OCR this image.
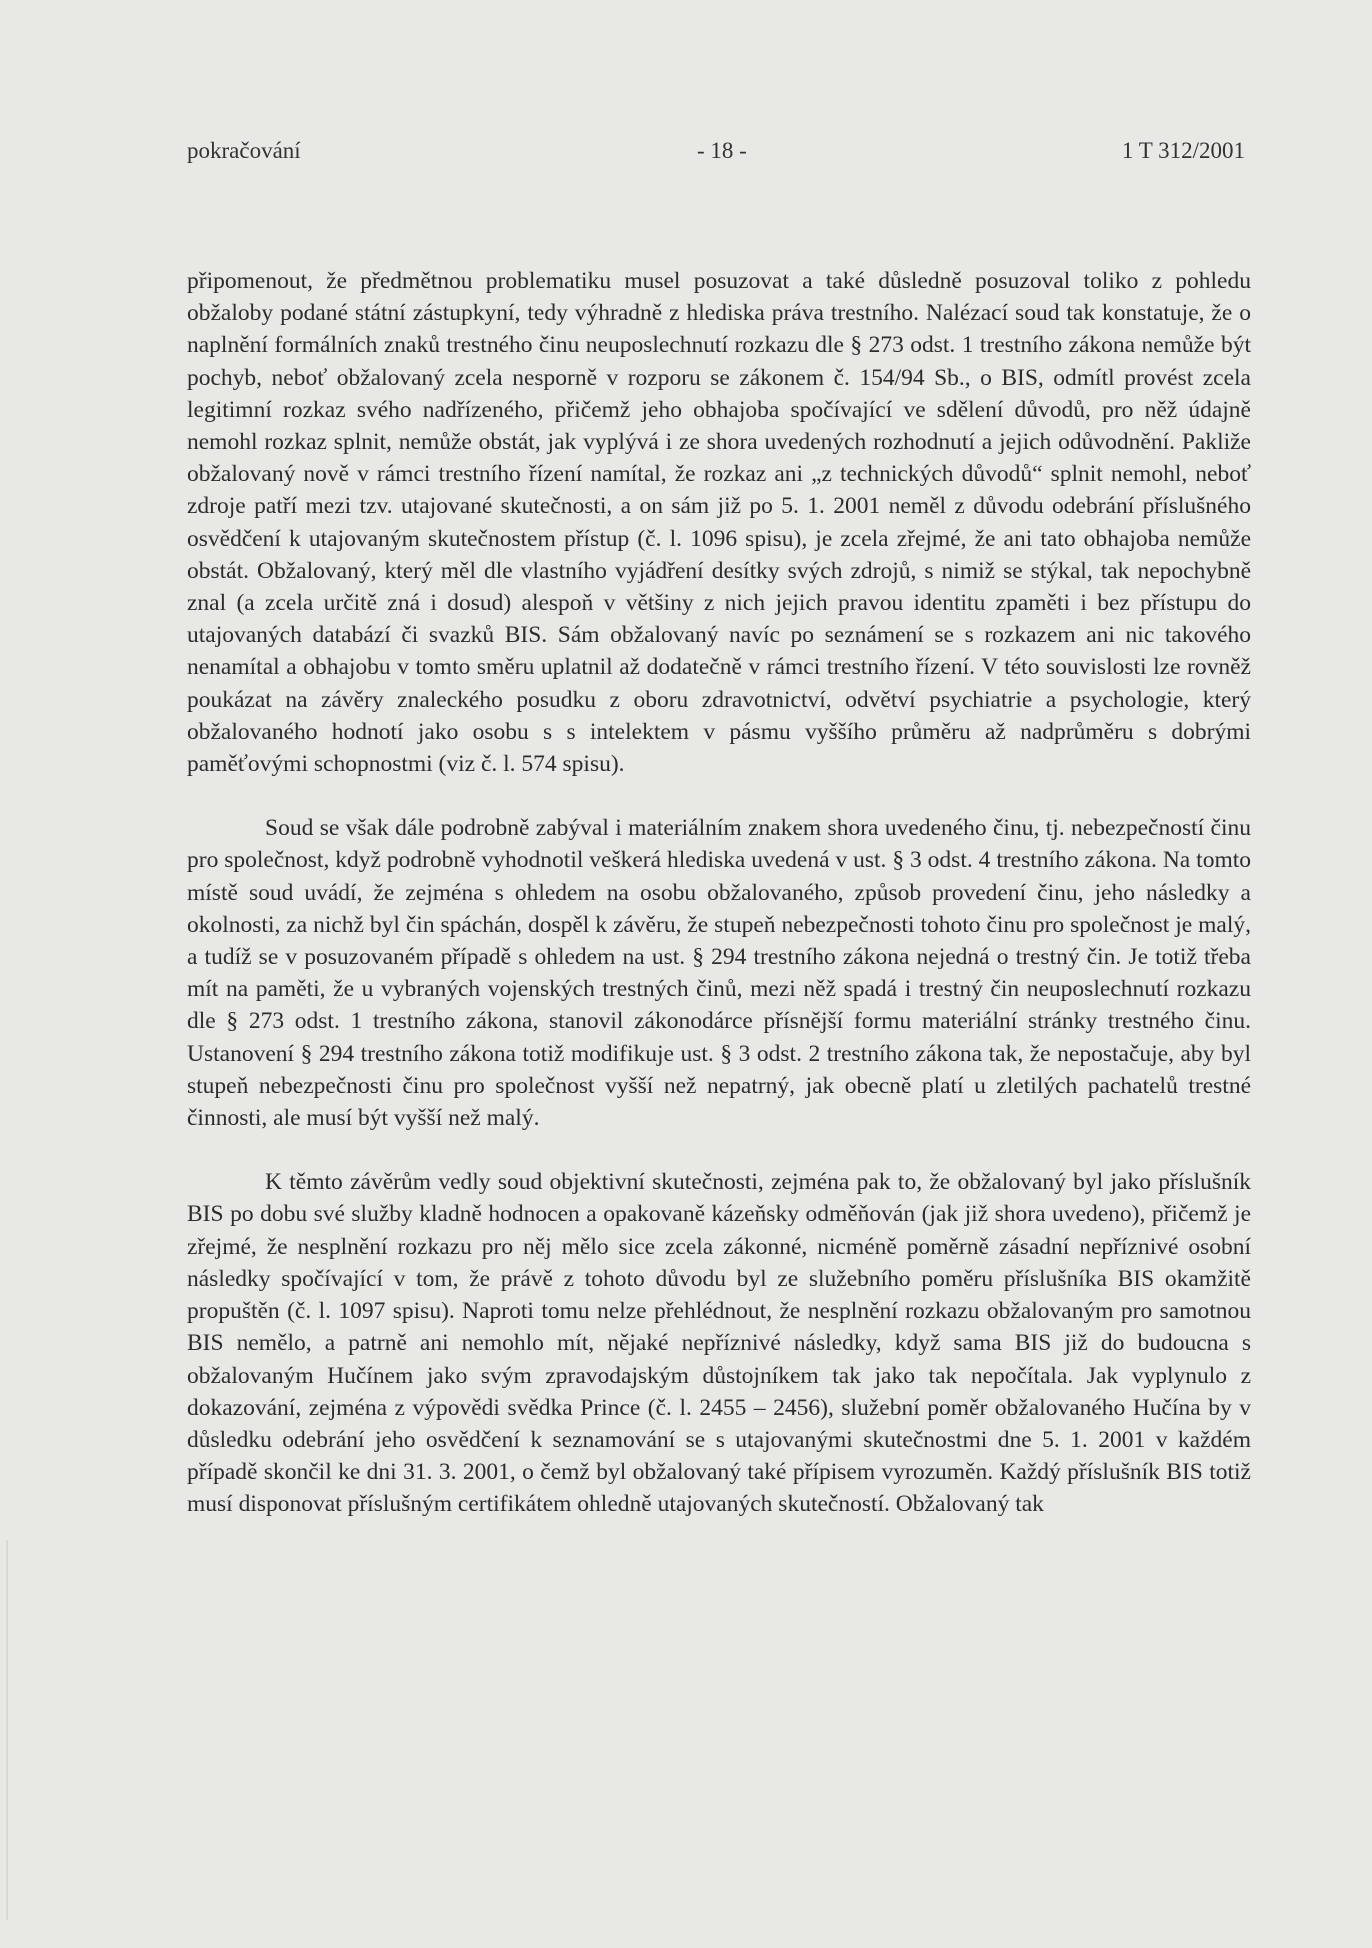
pokračování	- 18 -	1 T 312/2001

připomenout, že předmětnou problematiku musel posuzovat a také důsledně posuzoval toliko z pohledu obžaloby podané státní zástupkyní, tedy výhradně z hlediska práva trestního. Nalézací soud tak konstatuje, že o naplnění formálních znaků trestného činu neuposlechnutí rozkazu dle § 273 odst. 1 trestního zákona nemůže být pochyb, neboť obžalovaný zcela nesporně v rozporu se zákonem č. 154/94 Sb., o BIS, odmítl provést zcela legitimní rozkaz svého nadřízeného, přičemž jeho obhajoba spočívající ve sdělení důvodů, pro něž údajně nemohl rozkaz splnit, nemůže obstát, jak vyplývá i ze shora uvedených rozhodnutí a jejich odůvodnění. Pakliže obžalovaný nově v rámci trestního řízení namítal, že rozkaz ani „z technických důvodů“ splnit nemohl, neboť zdroje patří mezi tzv. utajované skutečnosti, a on sám již po 5. 1. 2001 neměl z důvodu odebrání příslušného osvědčení k utajovaným skutečnostem přístup (č. l. 1096 spisu), je zcela zřejmé, že ani tato obhajoba nemůže obstát. Obžalovaný, který měl dle vlastního vyjádření desítky svých zdrojů, s nimiž se stýkal, tak nepochybně znal (a zcela určitě zná i dosud) alespoň v většiny z nich jejich pravou identitu zpaměti i bez přístupu do utajovaných databází či svazků BIS. Sám obžalovaný navíc po seznámení se s rozkazem ani nic takového nenamítal a obhajobu v tomto směru uplatnil až dodatečně v rámci trestního řízení. V této souvislosti lze rovněž poukázat na závěry znaleckého posudku z oboru zdravotnictví, odvětví psychiatrie a psychologie, který obžalovaného hodnotí jako osobu s s intelektem v pásmu vyššího průměru až nadprůměru s dobrými paměťovými schopnostmi (viz č. l. 574 spisu).

Soud se však dále podrobně zabýval i materiálním znakem shora uvedeného činu, tj. nebezpečností činu pro společnost, když podrobně vyhodnotil veškerá hlediska uvedená v ust. § 3 odst. 4 trestního zákona. Na tomto místě soud uvádí, že zejména s ohledem na osobu obžalovaného, způsob provedení činu, jeho následky a okolnosti, za nichž byl čin spáchán, dospěl k závěru, že stupeň nebezpečnosti tohoto činu pro společnost je malý, a tudíž se v posuzovaném případě s ohledem na ust. § 294 trestního zákona nejedná o trestný čin. Je totiž třeba mít na paměti, že u vybraných vojenských trestných činů, mezi něž spadá i trestný čin neuposlechnutí rozkazu dle § 273 odst. 1 trestního zákona, stanovil zákonodárce přísnější formu materiální stránky trestného činu. Ustanovení § 294 trestního zákona totiž modifikuje ust. § 3 odst. 2 trestního zákona tak, že nepostačuje, aby byl stupeň nebezpečnosti činu pro společnost vyšší než nepatrný, jak obecně platí u zletilých pachatelů trestné činnosti, ale musí být vyšší než malý.

K těmto závěrům vedly soud objektivní skutečnosti, zejména pak to, že obžalovaný byl jako příslušník BIS po dobu své služby kladně hodnocen a opakovaně kázeňsky odměňován (jak již shora uvedeno), přičemž je zřejmé, že nesplnění rozkazu pro něj mělo sice zcela zákonné, nicméně poměrně zásadní nepříznivé osobní následky spočívající v tom, že právě z tohoto důvodu byl ze služebního poměru příslušníka BIS okamžitě propuštěn (č. l. 1097 spisu). Naproti tomu nelze přehlédnout, že nesplnění rozkazu obžalovaným pro samotnou BIS nemělo, a patrně ani nemohlo mít, nějaké nepříznivé následky, když sama BIS již do budoucna s obžalovaným Hučínem jako svým zpravodajským důstojníkem tak jako tak nepočítala. Jak vyplynulo z dokazování, zejména z výpovědi svědka Prince (č. l. 2455 – 2456), služební poměr obžalovaného Hučína by v důsledku odebrání jeho osvědčení k seznamování se s utajovanými skutečnostmi dne 5. 1. 2001 v každém případě skončil ke dni 31. 3. 2001, o čemž byl obžalovaný také přípisem vyrozuměn. Každý příslušník BIS totiž musí disponovat příslušným certifikátem ohledně utajovaných skutečností. Obžalovaný tak
